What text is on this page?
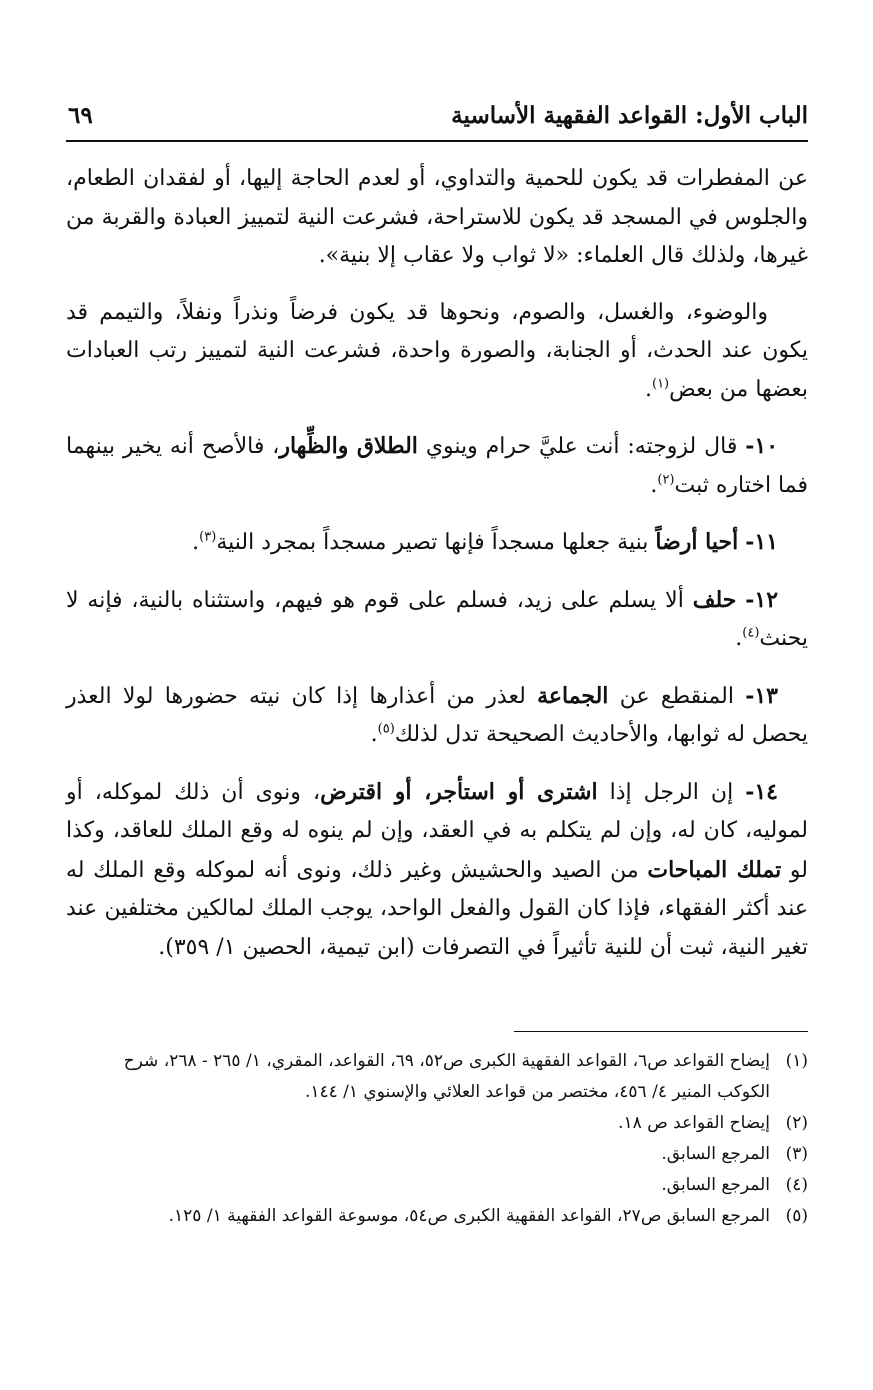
الباب الأول: القواعد الفقهية الأساسية
٦٩

عن المفطرات قد يكون للحمية والتداوي، أو لعدم الحاجة إليها، أو لفقدان الطعام، والجلوس في المسجد قد يكون للاستراحة، فشرعت النية لتمييز العبادة والقربة من غيرها، ولذلك قال العلماء: «لا ثواب ولا عقاب إلا بنية».

والوضوء، والغسل، والصوم، ونحوها قد يكون فرضاً ونذراً ونفلاً، والتيمم قد يكون عند الحدث، أو الجنابة، والصورة واحدة، فشرعت النية لتمييز رتب العبادات بعضها من بعض$^{(١)}$.

١٠- قال لزوجته: أنت عليَّ حرام وينوي الطلاق والظِّهار، فالأصح أنه يخير بينهما فما اختاره ثبت$^{(٢)}$.

١١- أحيا أرضاً بنية جعلها مسجداً فإنها تصير مسجداً بمجرد النية$^{(٣)}$.

١٢- حلف ألا يسلم على زيد، فسلم على قوم هو فيهم، واستثناه بالنية، فإنه لا يحنث$^{(٤)}$.

١٣- المنقطع عن الجماعة لعذر من أعذارها إذا كان نيته حضورها لولا العذر يحصل له ثوابها، والأحاديث الصحيحة تدل لذلك$^{(٥)}$.

١٤- إن الرجل إذا اشترى أو استأجر، أو اقترض، ونوى أن ذلك لموكله، أو لموليه، كان له، وإن لم يتكلم به في العقد، وإن لم ينوه له وقع الملك للعاقد، وكذا لو تملك المباحات من الصيد والحشيش وغير ذلك، ونوى أنه لموكله وقع الملك له عند أكثر الفقهاء، فإذا كان القول والفعل الواحد، يوجب الملك لمالكين مختلفين عند تغير النية، ثبت أن للنية تأثيراً في التصرفات (ابن تيمية، الحصين ١/ ٣٥٩).

(١)
إيضاح القواعد ص٦، القواعد الفقهية الكبرى ص٥٢، ٦٩، القواعد، المقري، ١/ ٢٦٥ - ٢٦٨، شرح الكوكب المنير ٤/ ٤٥٦، مختصر من قواعد العلائي والإسنوي ١/ ١٤٤.
(٢)
إيضاح القواعد ص ١٨.
(٣)
المرجع السابق.
(٤)
المرجع السابق.
(٥)
المرجع السابق ص٢٧، القواعد الفقهية الكبرى ص٥٤، موسوعة القواعد الفقهية ١/ ١٢٥.
